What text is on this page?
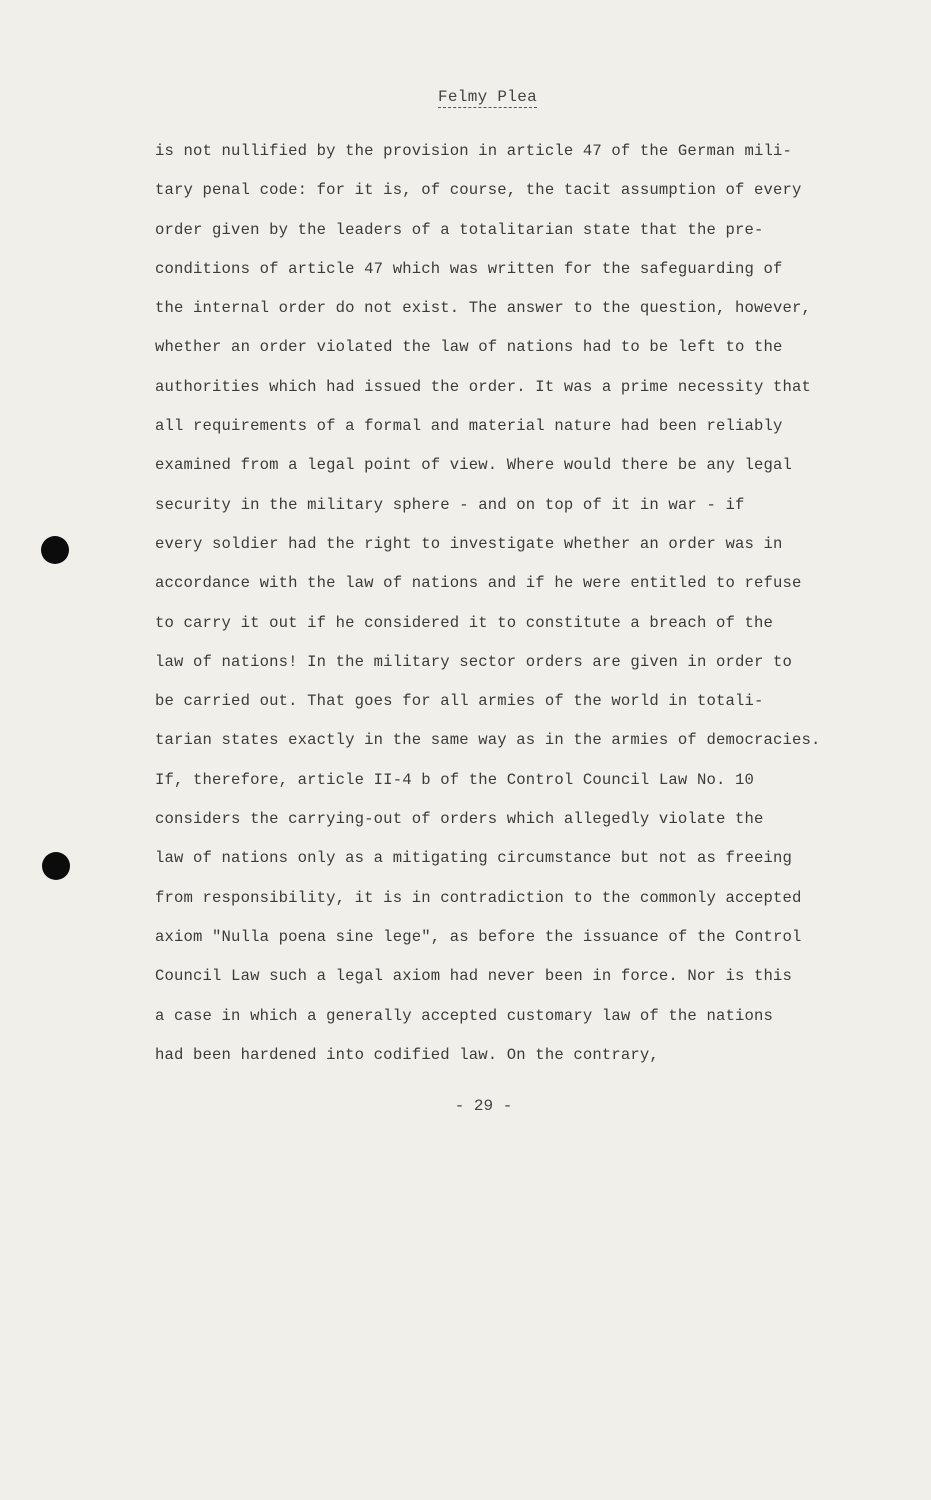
Felmy Plea
is not nullified by the provision in article 47 of the German mili-
tary penal code: for it is, of course, the tacit assumption of every
order given by the leaders of a totalitarian state that the pre-
conditions of article 47 which was written for the safeguarding of
the internal order do not exist. The answer to the question, however,
whether an order violated the law of nations had to be left to the
authorities which had issued the order. It was a prime necessity that
all requirements of a formal and material nature had been reliably
examined from a legal point of view. Where would there be any legal
security in the military sphere - and on top of it in war - if
every soldier had the right to investigate whether an order was in
accordance with the law of nations and if he were entitled to refuse
to carry it out if he considered it to constitute a breach of the
law of nations! In the military sector orders are given in order to
be carried out. That goes for all armies of the world in totali-
tarian states exactly in the same way as in the armies of democracies.
If, therefore, article II-4 b of the Control Council Law No. 10
considers the carrying-out of orders which allegedly violate the
law of nations only as a mitigating circumstance but not as freeing
from responsibility, it is in contradiction to the commonly accepted
axiom "Nulla poena sine lege", as before the issuance of the Control
Council Law such a legal axiom had never been in force. Nor is this
a case in which a generally accepted customary law of the nations
had been hardened into codified law. On the contrary,
- 29 -
